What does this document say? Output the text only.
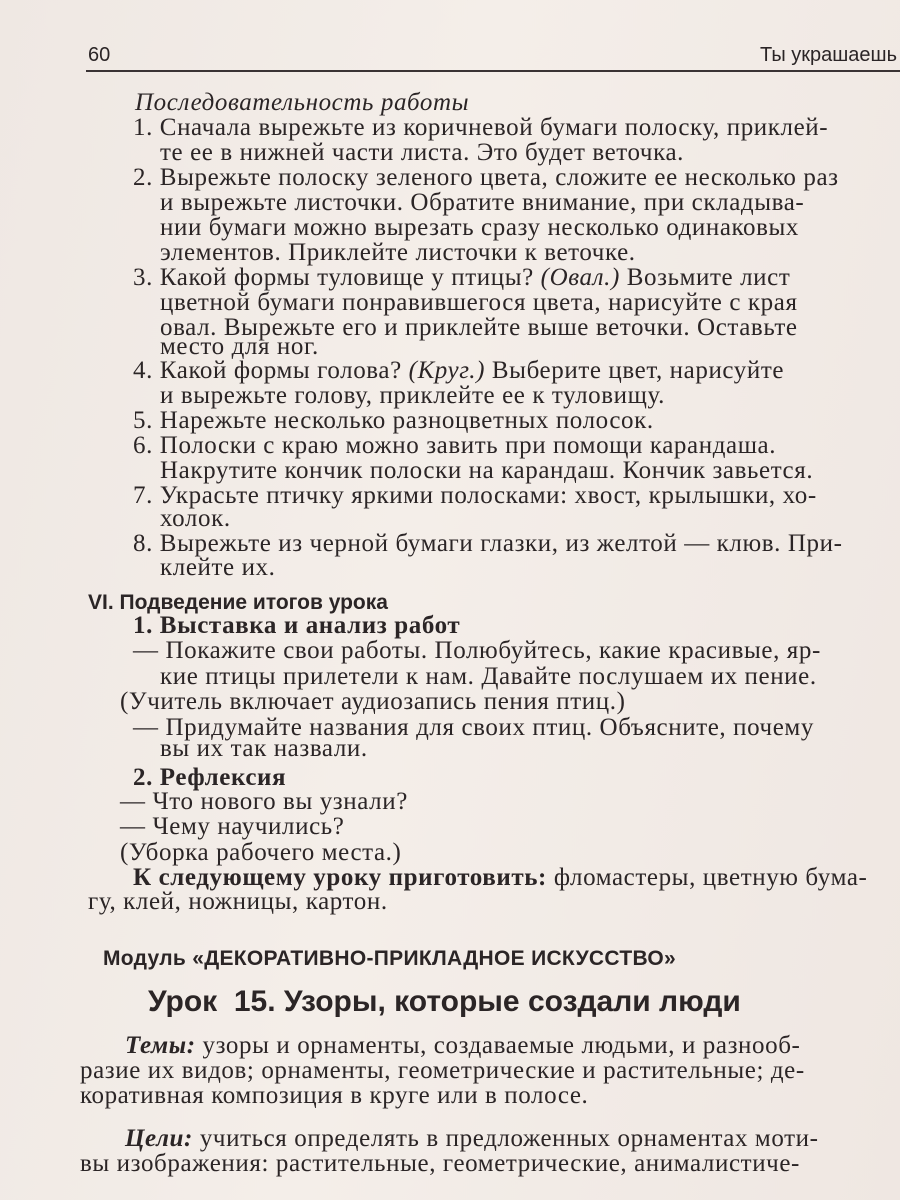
60	Ты украшаешь
Последовательность работы
1. Сначала вырежьте из коричневой бумаги полоску, приклей-
те ее в нижней части листа. Это будет веточка.
2. Вырежьте полоску зеленого цвета, сложите ее несколько раз
и вырежьте листочки. Обратите внимание, при складыва-
нии бумаги можно вырезать сразу несколько одинаковых
элементов. Приклейте листочки к веточке.
3. Какой формы туловище у птицы? (Овал.) Возьмите лист
цветной бумаги понравившегося цвета, нарисуйте с края
овал. Вырежьте его и приклейте выше веточки. Оставьте
место для ног.
4. Какой формы голова? (Круг.) Выберите цвет, нарисуйте
и вырежьте голову, приклейте ее к туловищу.
5. Нарежьте несколько разноцветных полосок.
6. Полоски с краю можно завить при помощи карандаша.
Накрутите кончик полоски на карандаш. Кончик завьется.
7. Украсьте птичку яркими полосками: хвост, крылышки, хо-
холок.
8. Вырежьте из черной бумаги глазки, из желтой — клюв. При-
клейте их.
VI. Подведение итогов урока
1. Выставка и анализ работ
— Покажите свои работы. Полюбуйтесь, какие красивые, яр-
кие птицы прилетели к нам. Давайте послушаем их пение.
(Учитель включает аудиозапись пения птиц.)
— Придумайте названия для своих птиц. Объясните, почему
вы их так назвали.
2. Рефлексия
— Что нового вы узнали?
— Чему научились?
(Уборка рабочего места.)
К следующему уроку приготовить: фломастеры, цветную бума-
гу, клей, ножницы, картон.
Модуль «ДЕКОРАТИВНО-ПРИКЛАДНОЕ ИСКУССТВО»
Урок  15. Узоры, которые создали люди
Темы: узоры и орнаменты, создаваемые людьми, и разнооб-
разие их видов; орнаменты, геометрические и растительные; де-
коративная композиция в круге или в полосе.
Цели: учиться определять в предложенных орнаментах моти-
вы изображения: растительные, геометрические, анималистиче-
